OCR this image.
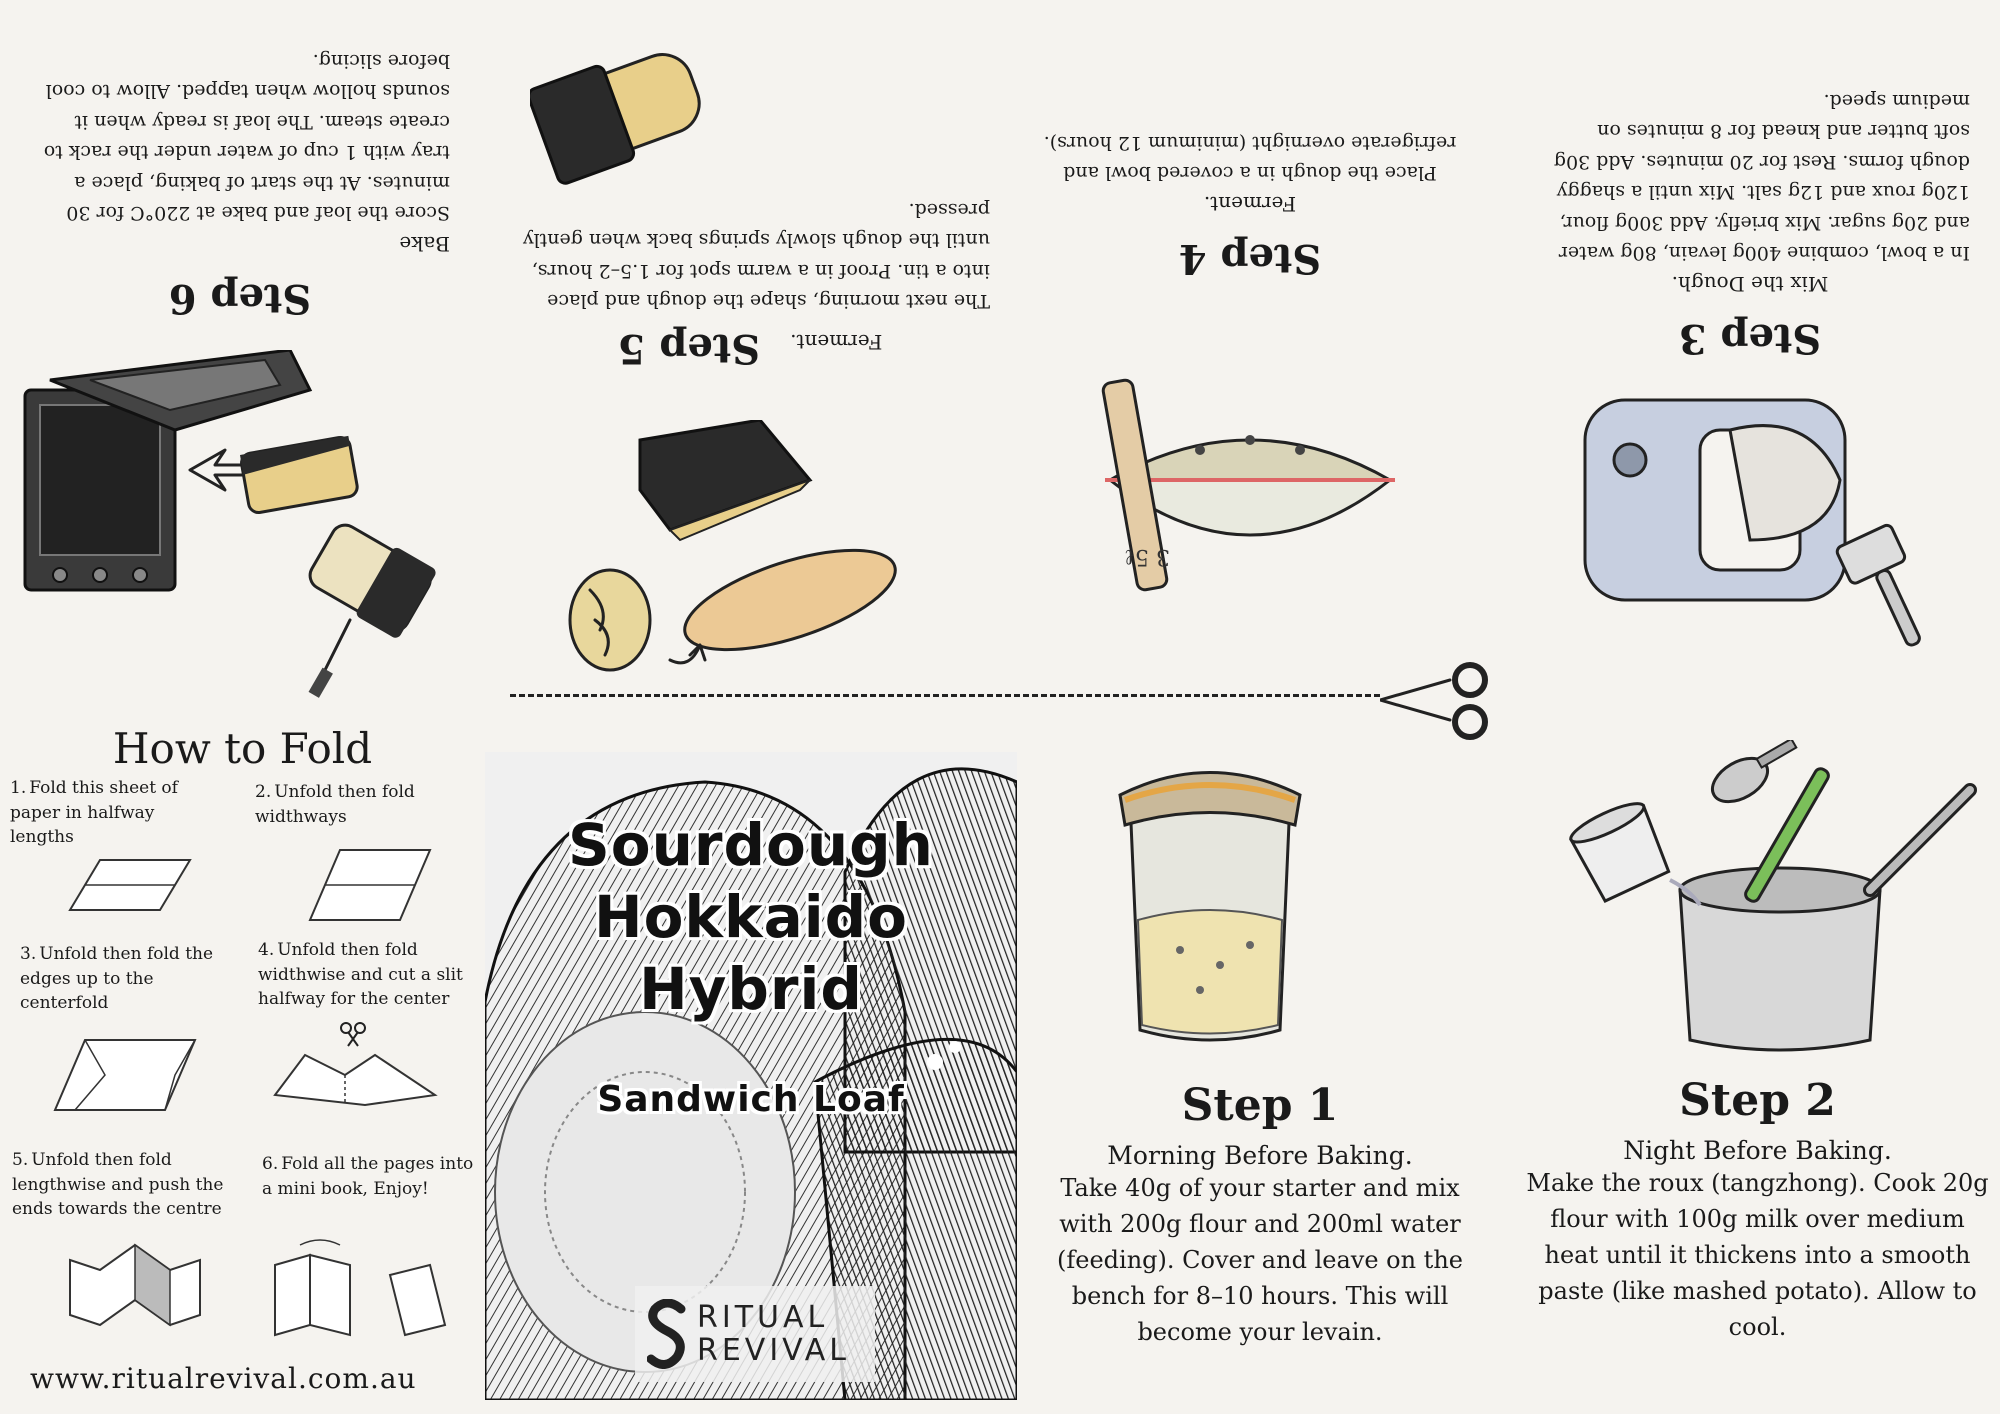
Step 6
Bake
Score the loaf and bake at 220°C for 30 minutes. At the start of baking, place a tray with 1 cup of water under the rack to create steam. The loaf is ready when it sounds hollow when tapped. Allow to cool before slicing.
Ferment.
Step 5
The next morning, shape the dough and place into a tin. Proof in a warm spot for 1.5–2 hours, until the dough slowly springs back when gently pressed.
Step 4
Ferment.
Place the dough in a covered bowl and refrigerate overnight (minimum 12 hours).
Step 3
Mix the Dough.
In a bowl, combine 400g levain, 80g water and 20g sugar. Mix briefly. Add 300g flour, 120g roux and 12g salt. Mix until a shaggy dough forms. Rest for 20 minutes. Add 30g soft butter and knead for 8 minutes on medium speed.
3 5ℓ
How to Fold
1. Fold this sheet of paper in halfway lengths
2. Unfold then fold widthways
3. Unfold then fold the edges up to the centerfold
4. Unfold then fold widthwise and cut a slit halfway for the center
5. Unfold then fold lengthwise and push the ends towards the centre
6. Fold all the pages into a mini book, Enjoy!
www.ritualrevival.com.au
Sourdough
Hokkaido
Hybrid
Sandwich Loaf
RITUAL
REVIVAL
Step 1
Morning Before Baking.
Take 40g of your starter and mix with 200g flour and 200ml water (feeding). Cover and leave on the bench for 8–10 hours. This will become your levain.
Step 2
Night Before Baking.
Make the roux (tangzhong). Cook 20g flour with 100g milk over medium heat until it thickens into a smooth paste (like mashed potato). Allow to cool.
